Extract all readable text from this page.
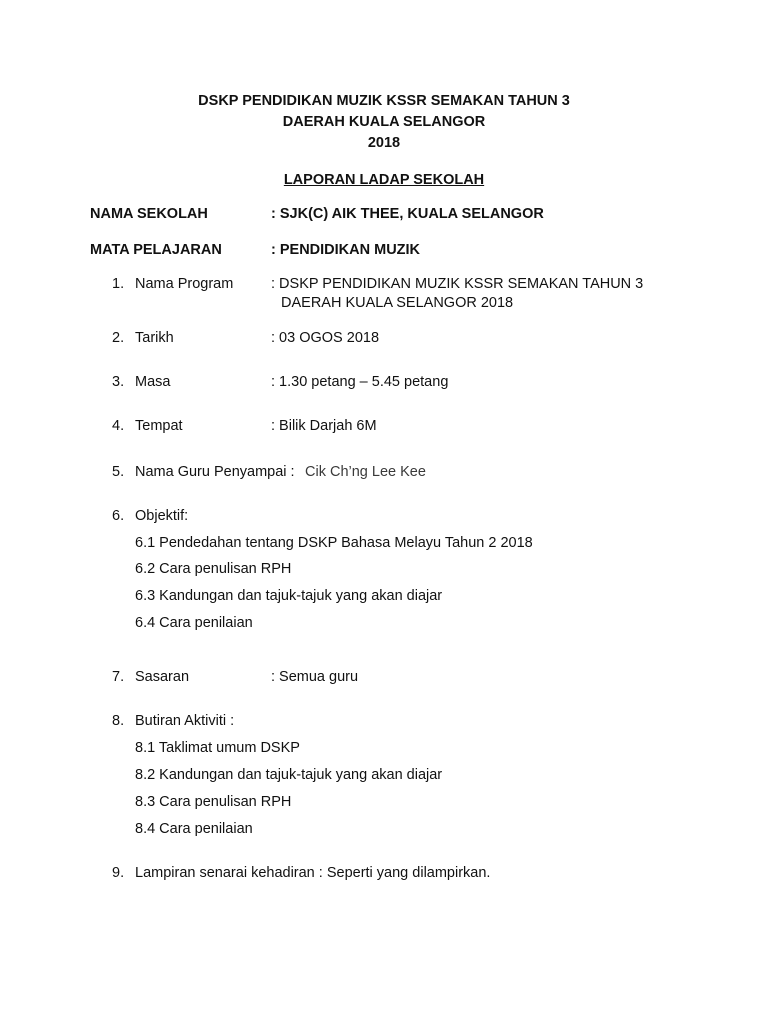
DSKP PENDIDIKAN MUZIK KSSR SEMAKAN TAHUN 3
DAERAH KUALA SELANGOR
2018
LAPORAN LADAP SEKOLAH
NAMA SEKOLAH	: SJK(C) AIK THEE, KUALA SELANGOR
MATA PELAJARAN	: PENDIDIKAN MUZIK
1. Nama Program	: DSKP PENDIDIKAN MUZIK KSSR SEMAKAN TAHUN 3
DAERAH KUALA SELANGOR 2018
2. Tarikh	: 03 OGOS 2018
3. Masa	: 1.30 petang – 5.45 petang
4. Tempat	: Bilik Darjah 6M
5. Nama Guru Penyampai : Cik Ch’ng Lee Kee
6. Objektif:
6.1 Pendedahan tentang DSKP Bahasa Melayu Tahun 2 2018
6.2 Cara penulisan RPH
6.3 Kandungan dan tajuk-tajuk yang akan diajar
6.4 Cara penilaian
7. Sasaran	: Semua guru
8. Butiran Aktiviti :
8.1 Taklimat umum DSKP
8.2 Kandungan dan tajuk-tajuk yang akan diajar
8.3 Cara penulisan RPH
8.4 Cara penilaian
9. Lampiran senarai kehadiran : Seperti yang dilampirkan.
